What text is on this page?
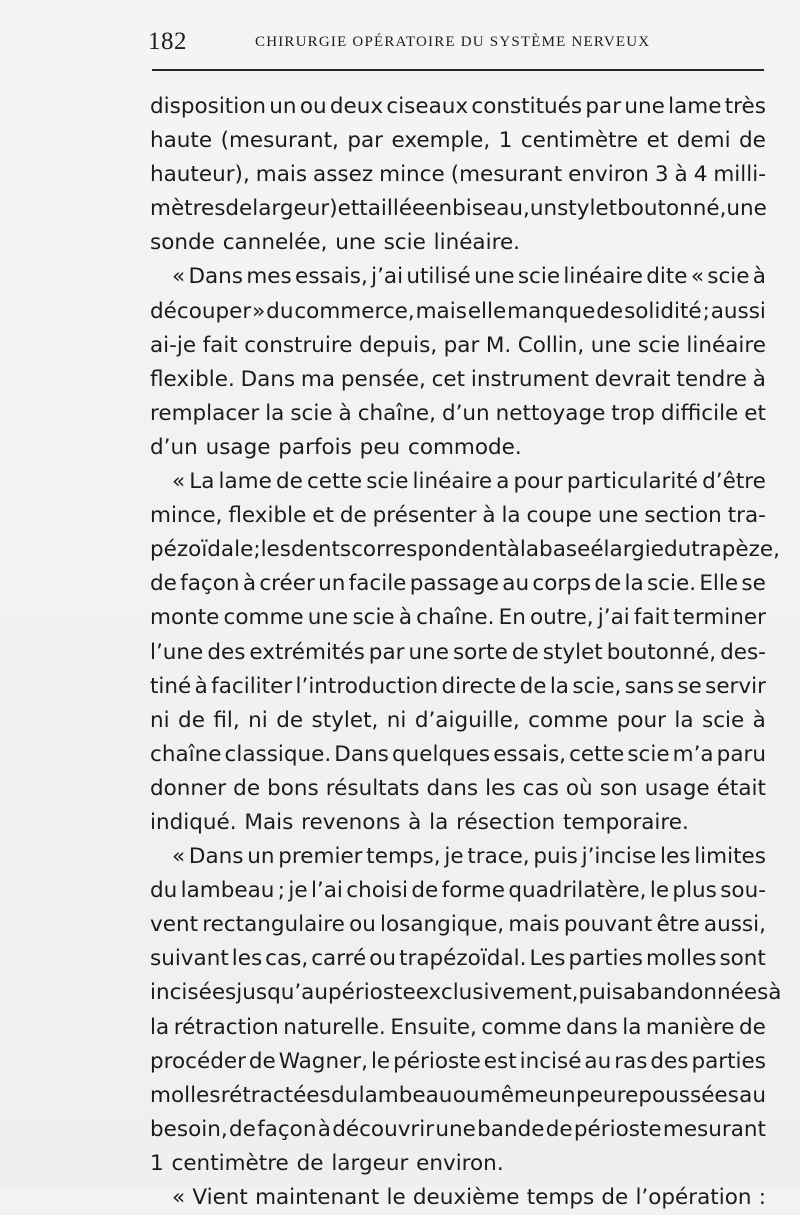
182	CHIRURGIE OPÉRATOIRE DU SYSTÈME NERVEUX
disposition un ou deux ciseaux constitués par une lame très
haute (mesurant, par exemple, 1 centimètre et demi de
hauteur), mais assez mince (mesurant environ 3 à 4 milli-
mètres de largeur) et taillée en biseau, un stylet boutonné, une
sonde cannelée, une scie linéaire.
« Dans mes essais, j’ai utilisé une scie linéaire dite « scie à
découper » du commerce, mais elle manque de solidité ; aussi
ai-je fait construire depuis, par M. Collin, une scie linéaire
flexible. Dans ma pensée, cet instrument devrait tendre à
remplacer la scie à chaîne, d’un nettoyage trop difficile et
d’un usage parfois peu commode.
« La lame de cette scie linéaire a pour particularité d’être
mince, flexible et de présenter à la coupe une section tra-
pézoïdale ; les dents correspondent à la base élargie du trapèze,
de façon à créer un facile passage au corps de la scie. Elle se
monte comme une scie à chaîne. En outre, j’ai fait terminer
l’une des extrémités par une sorte de stylet boutonné, des-
tiné à faciliter l’introduction directe de la scie, sans se servir
ni de fil, ni de stylet, ni d’aiguille, comme pour la scie à
chaîne classique. Dans quelques essais, cette scie m’a paru
donner de bons résultats dans les cas où son usage était
indiqué. Mais revenons à la résection temporaire.
« Dans un premier temps, je trace, puis j’incise les limites
du lambeau ; je l’ai choisi de forme quadrilatère, le plus sou-
vent rectangulaire ou losangique, mais pouvant être aussi,
suivant les cas, carré ou trapézoïdal. Les parties molles sont
incisées jusqu’au périoste exclusivement, puis abandonnées à
la rétraction naturelle. Ensuite, comme dans la manière de
procéder de Wagner, le périoste est incisé au ras des parties
molles rétractées du lambeau ou même un peu repoussées au
besoin, de façon à découvrir une bande de périoste mesurant
1 centimètre de largeur environ.
« Vient maintenant le deuxième temps de l’opération :
